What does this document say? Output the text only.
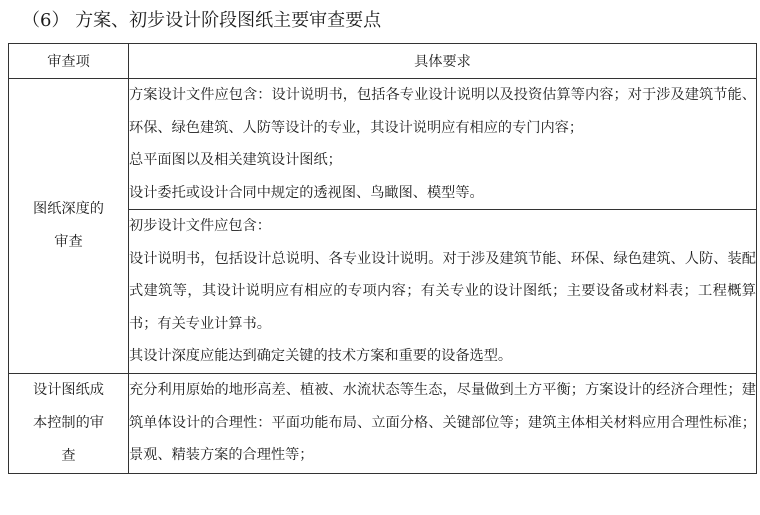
（6） 方案、初步设计阶段图纸主要审查要点
审查项	具体要求

图纸深度的
审查	方案设计文件应包含：设计说明书，包括各专业设计说明以及投资估算等内容；对于涉及建筑节能、环保、绿色建筑、人防等设计的专业，其设计说明应有相应的专门内容；
总平面图以及相关建筑设计图纸；
设计委托或设计合同中规定的透视图、鸟瞰图、模型等。

	初步设计文件应包含：
设计说明书，包括设计总说明、各专业设计说明。对于涉及建筑节能、环保、绿色建筑、人防、装配式建筑等，其设计说明应有相应的专项内容；有关专业的设计图纸；主要设备或材料表；工程概算书；有关专业计算书。
其设计深度应能达到确定关键的技术方案和重要的设备选型。

设计图纸成
本控制的审
查	充分利用原始的地形高差、植被、水流状态等生态，尽量做到土方平衡；方案设计的经济合理性；建筑单体设计的合理性：平面功能布局、立面分格、关键部位等；建筑主体相关材料应用合理性标准；景观、精装方案的合理性等；
